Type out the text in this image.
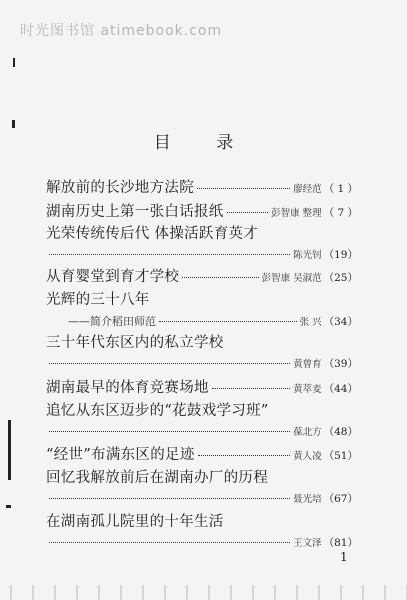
时光图书馆 atimebook.com
目 录
解放前的长沙地方法院	廖经范 （ 1 ）
湖南历史上第一张白话报纸	彭智康 整理 （ 7 ）
光荣传统传后代 体操活跃育英才
陈光钊 （19）
从育婴堂到育才学校	彭智康 吴淑范 （25）
光辉的三十八年
——简介稻田师范	张 兴 （34）
三十年代东区内的私立学校
黄曾育 （39）
湖南最早的体育竞赛场地	黄萃麦 （44）
追忆从东区迈步的“花鼓戏学习班”
葆北方 （48）
“经世”布满东区的足迹	黄人凌 （51）
回忆我解放前后在湖南办厂的历程
聂光培 （67）
在湖南孤儿院里的十年生活
王文泽 （81）
1
